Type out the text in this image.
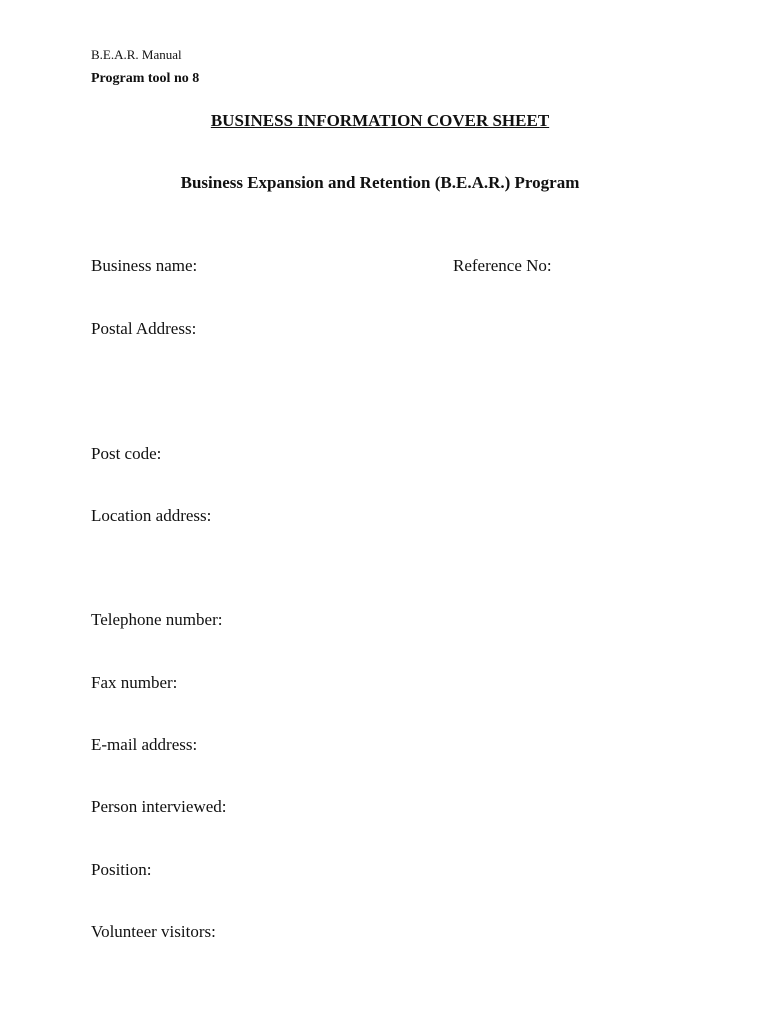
B.E.A.R. Manual
Program tool no 8
BUSINESS INFORMATION COVER SHEET
Business Expansion and Retention (B.E.A.R.) Program
Business name:	Reference No:
Postal Address:
Post code:
Location address:
Telephone number:
Fax number:
E-mail address:
Person interviewed:
Position:
Volunteer visitors:
